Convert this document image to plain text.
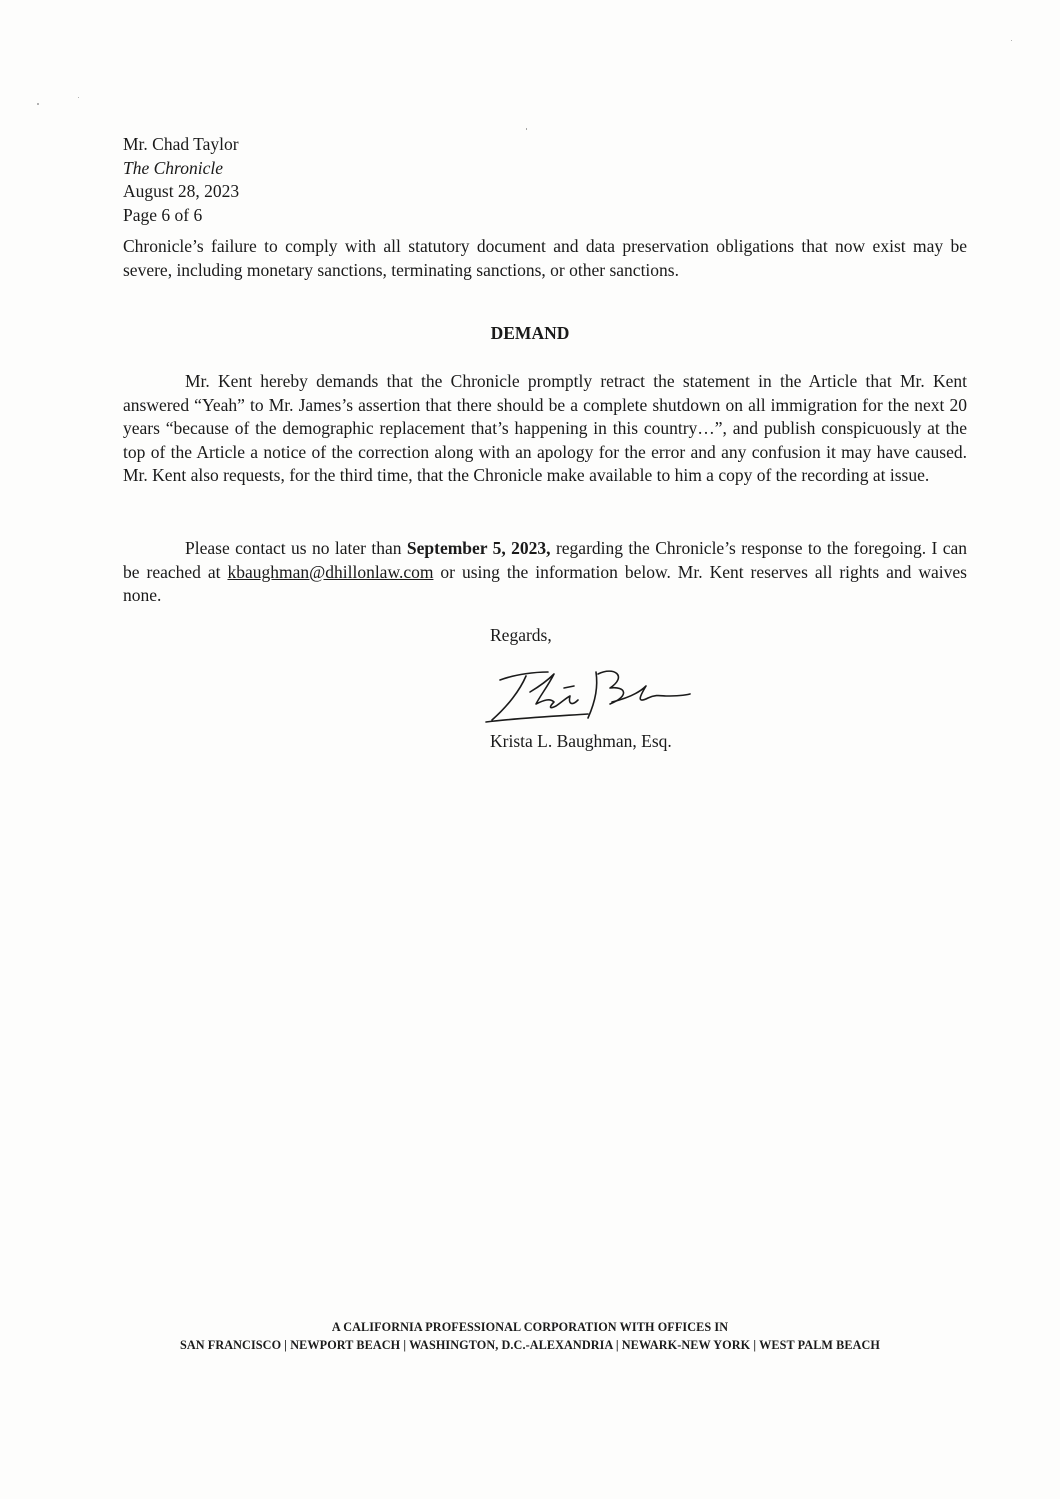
Mr. Chad Taylor
The Chronicle
August 28, 2023
Page 6 of 6

Chronicle’s failure to comply with all statutory document and data preservation obligations that now exist may be severe, including monetary sanctions, terminating sanctions, or other sanctions.

DEMAND

Mr. Kent hereby demands that the Chronicle promptly retract the statement in the Article that Mr. Kent answered “Yeah” to Mr. James’s assertion that there should be a complete shutdown on all immigration for the next 20 years “because of the demographic replacement that’s happening in this country…”, and publish conspicuously at the top of the Article a notice of the correction along with an apology for the error and any confusion it may have caused. Mr. Kent also requests, for the third time, that the Chronicle make available to him a copy of the recording at issue.

Please contact us no later than September 5, 2023, regarding the Chronicle’s response to the foregoing. I can be reached at kbaughman@dhillonlaw.com or using the information below. Mr. Kent reserves all rights and waives none.

Regards,
Krista L. Baughman, Esq.
A CALIFORNIA PROFESSIONAL CORPORATION WITH OFFICES IN
SAN FRANCISCO | NEWPORT BEACH | WASHINGTON, D.C.-ALEXANDRIA | NEWARK-NEW YORK | WEST PALM BEACH
